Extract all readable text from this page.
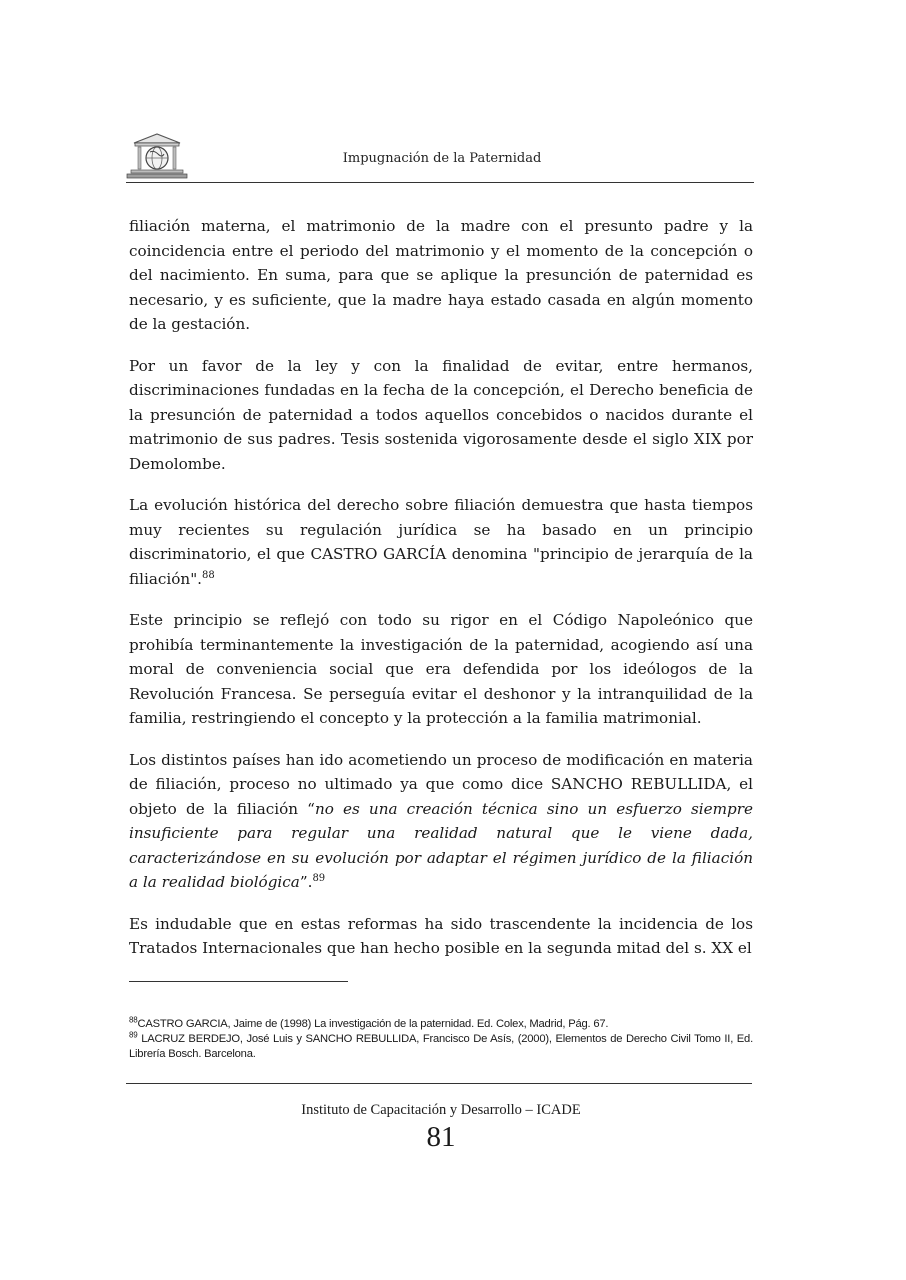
Impugnación de la Paternidad

filiación materna, el matrimonio de la madre con el presunto padre y la coincidencia entre el periodo del matrimonio y el momento de la concepción o del nacimiento. En suma, para que se aplique la presunción de paternidad es necesario, y es suficiente, que la madre haya estado casada en algún momento de la gestación.

Por un favor de la ley y con la finalidad de evitar, entre hermanos, discriminaciones fundadas en la fecha de la concepción, el Derecho beneficia de la presunción de paternidad a todos aquellos concebidos o nacidos durante el matrimonio de sus padres. Tesis sostenida vigorosamente desde el siglo XIX por Demolombe.

La evolución histórica del derecho sobre filiación demuestra que hasta tiempos muy recientes su regulación jurídica se ha basado en un principio discriminatorio, el que CASTRO GARCÍA denomina "principio de jerarquía de la filiación".$^{88}$

Este principio se reflejó con todo su rigor en el Código Napoleónico que prohibía terminantemente la investigación de la paternidad, acogiendo así una moral de conveniencia social que era defendida por los ideólogos de la Revolución Francesa. Se perseguía evitar el deshonor y la intranquilidad de la familia, restringiendo el concepto y la protección a la familia matrimonial.

Los distintos países han ido acometiendo un proceso de modificación en materia de filiación, proceso no ultimado ya que como dice SANCHO REBULLIDA, el objeto de la filiación “no es una creación técnica sino un esfuerzo siempre insuficiente para regular una realidad natural que le viene dada, caracterizándose en su evolución por adaptar el régimen jurídico de la filiación a la realidad biológica”.$^{89}$

Es indudable que en estas reformas ha sido trascendente la incidencia de los Tratados Internacionales que han hecho posible en la segunda mitad del s. XX el

$^{88}$CASTRO GARCIA, Jaime de (1998) La investigación de la paternidad. Ed. Colex, Madrid, Pág. 67.

$^{89}$ LACRUZ BERDEJO, José Luis y SANCHO REBULLIDA, Francisco De Asís, (2000), Elementos de Derecho Civil Tomo II, Ed. Librería Bosch. Barcelona.

Instituto de Capacitación y Desarrollo – ICADE
81
